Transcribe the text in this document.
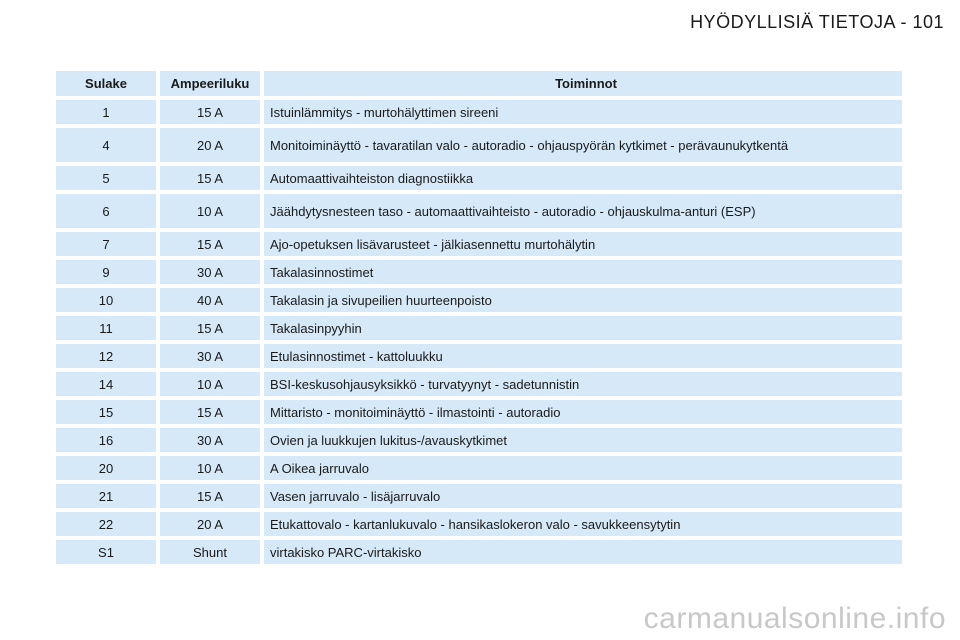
HYÖDYLLISIÄ TIETOJA - 101
Sulake	Ampeeriluku	Toiminnot
1	15 A	Istuinlämmitys - murtohälyttimen sireeni
4	20 A	Monitoiminäyttö - tavaratilan valo - autoradio - ohjauspyörän kytkimet - perävaunukytkentä
5	15 A	Automaattivaihteiston diagnostiikka
6	10 A	Jäähdytysnesteen taso - automaattivaihteisto - autoradio - ohjauskulma-anturi (ESP)
7	15 A	Ajo-opetuksen lisävarusteet - jälkiasennettu murtohälytin
9	30 A	Takalasinnostimet
10	40 A	Takalasin ja sivupeilien huurteenpoisto
11	15 A	Takalasinpyyhin
12	30 A	Etulasinnostimet - kattoluukku
14	10 A	BSI-keskusohjausyksikkö - turvatyynyt - sadetunnistin
15	15 A	Mittaristo - monitoiminäyttö - ilmastointi - autoradio
16	30 A	Ovien ja luukkujen lukitus-/avauskytkimet
20	10 A	A Oikea jarruvalo
21	15 A	Vasen jarruvalo - lisäjarruvalo
22	20 A	Etukattovalo - kartanlukuvalo - hansikaslokeron valo - savukkeensytytin
S1	Shunt	virtakisko PARC-virtakisko
carmanualsonline.info
